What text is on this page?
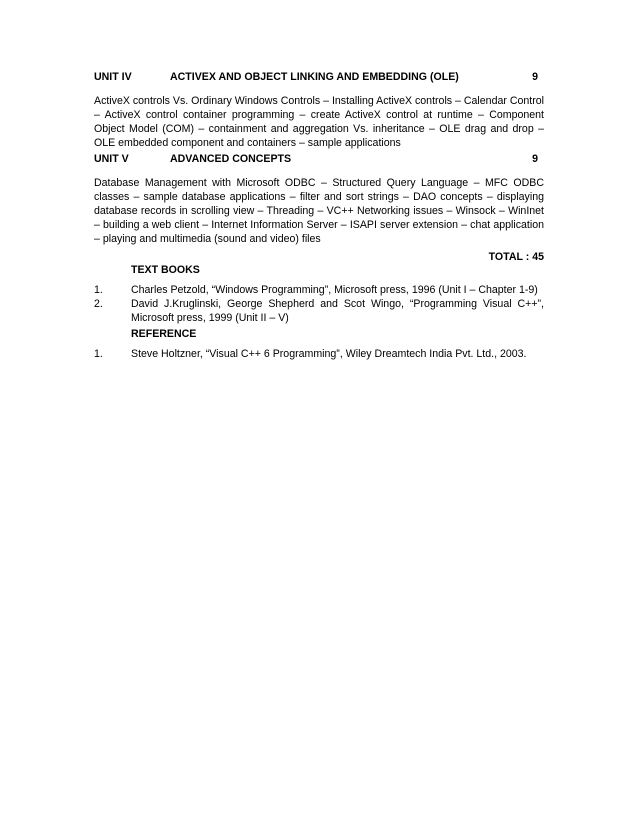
UNIT IV	ACTIVEX AND OBJECT LINKING AND EMBEDDING (OLE)	9
ActiveX controls Vs. Ordinary Windows Controls – Installing ActiveX controls – Calendar Control – ActiveX control container programming – create ActiveX control at runtime – Component Object Model (COM) – containment and aggregation Vs. inheritance – OLE drag and drop – OLE embedded component and containers – sample applications
UNIT V	ADVANCED CONCEPTS	9
Database Management with Microsoft ODBC – Structured Query Language – MFC ODBC classes – sample database applications – filter and sort strings – DAO concepts – displaying database records in scrolling view – Threading – VC++ Networking issues – Winsock – WinInet – building a web client – Internet Information Server – ISAPI server extension – chat application – playing and multimedia (sound and video) files
TOTAL : 45
TEXT BOOKS
1.	Charles Petzold, “Windows Programming”, Microsoft press, 1996 (Unit I – Chapter 1-9)
2.	David J.Kruglinski, George Shepherd and Scot Wingo, “Programming Visual C++”, Microsoft press, 1999 (Unit II – V)
REFERENCE
1.	Steve Holtzner, “Visual C++ 6 Programming”, Wiley Dreamtech India Pvt. Ltd., 2003.
